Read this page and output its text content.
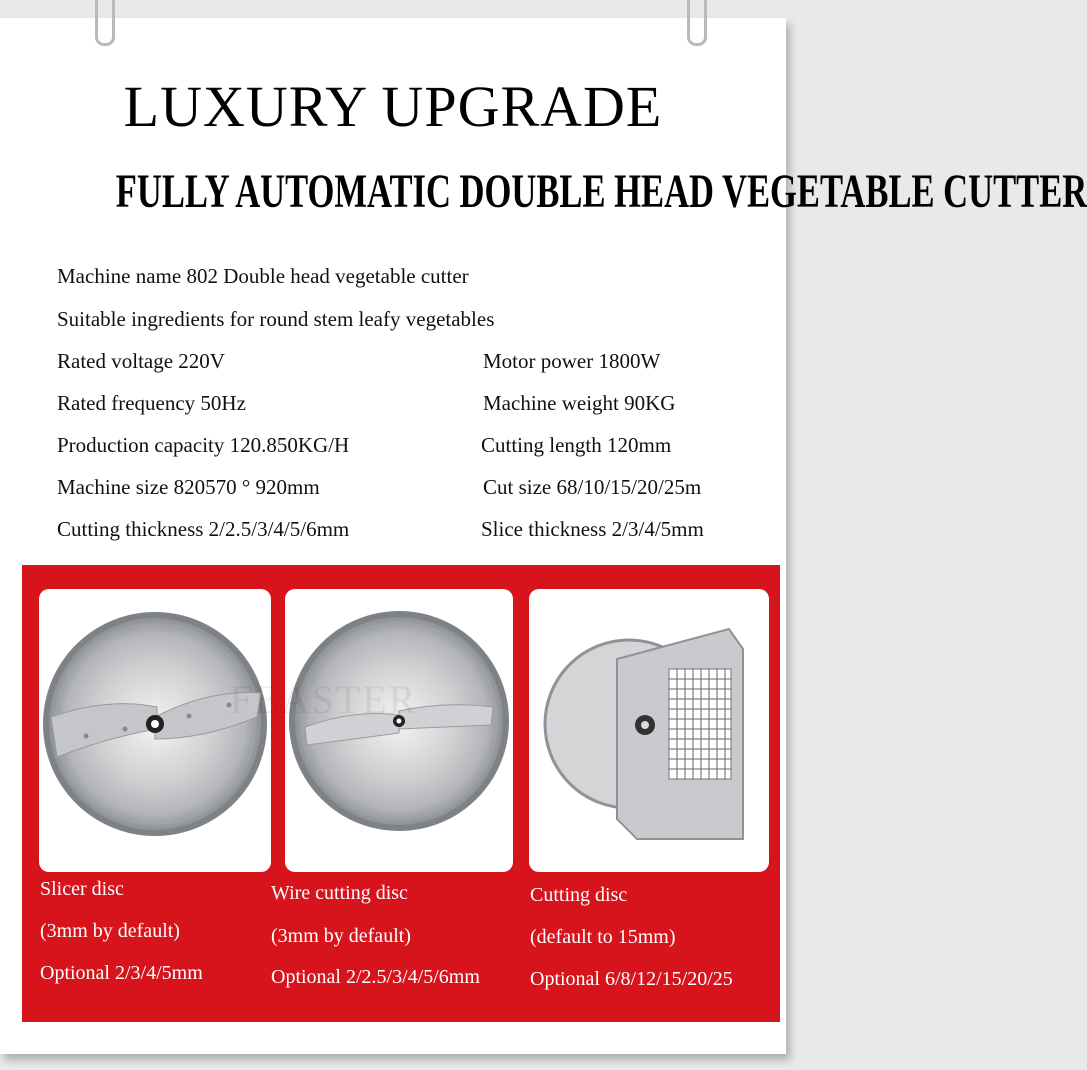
LUXURY UPGRADE
FULLY AUTOMATIC DOUBLE HEAD VEGETABLE CUTTER
Machine name 802 Double head vegetable cutter
Suitable ingredients for round stem leafy vegetables
Rated voltage 220V	Motor power 1800W
Rated frequency 50Hz	Machine weight 90KG
Production capacity 120.850KG/H	Cutting length 120mm
Machine size 820570 ° 920mm	Cut size 68/10/15/20/25m
Cutting thickness 2/2.5/3/4/5/6mm	Slice thickness 2/3/4/5mm
Slicer disc
(3mm by default)
Optional 2/3/4/5mm
Wire cutting disc
(3mm by default)
Optional 2/2.5/3/4/5/6mm
Cutting disc
(default to 15mm)
Optional 6/8/12/15/20/25
FEASTER
